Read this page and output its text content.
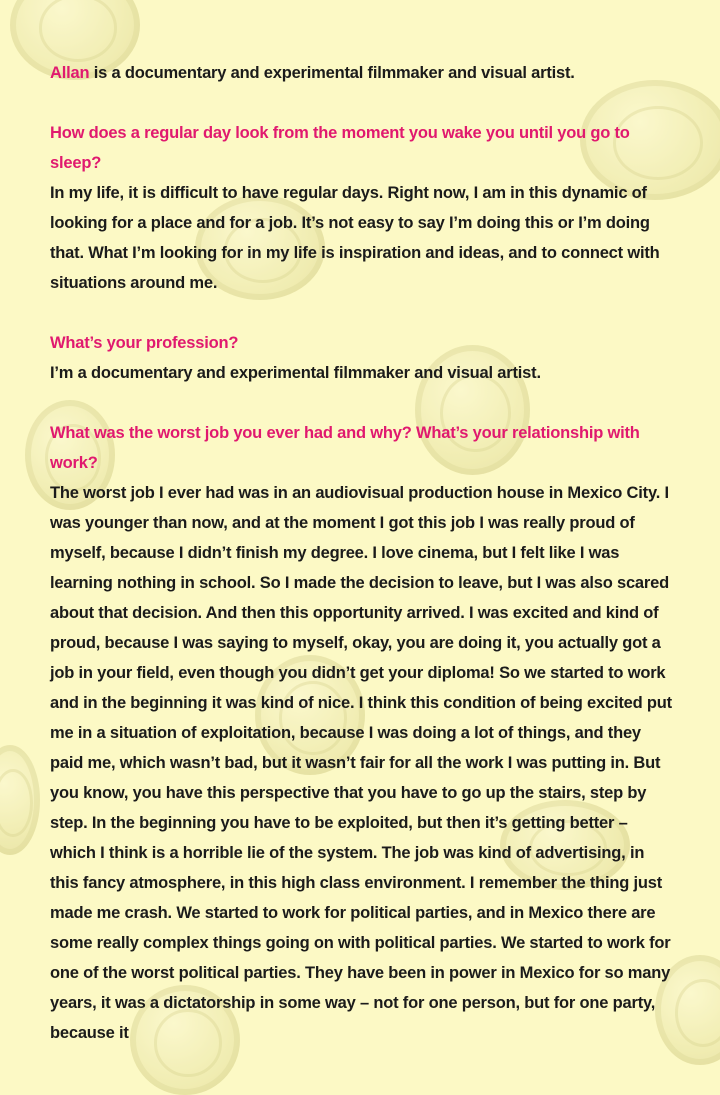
Allan is a documentary and experimental filmmaker and visual artist.

How does a regular day look from the moment you wake you until you go to sleep?

In my life, it is difficult to have regular days. Right now, I am in this dynamic of looking for a place and for a job. It’s not easy to say I’m doing this or I’m doing that. What I’m looking for in my life is inspiration and ideas, and to connect with situations around me.

What’s your profession?

I’m a documentary and experimental filmmaker and visual artist.

What was the worst job you ever had and why? What’s your relationship with work?

The worst job I ever had was in an audiovisual production house in Mexico City. I was younger than now, and at the moment I got this job I was really proud of myself, because I didn’t finish my degree. I love cinema, but I felt like I was learning nothing in school. So I made the decision to leave, but I was also scared about that decision. And then this opportunity arrived. I was excited and kind of proud, because I was saying to myself, okay, you are doing it, you actually got a job in your field, even though you didn’t get your diploma! So we started to work and in the beginning it was kind of nice. I think this condition of being excited put me in a situation of exploitation, because I was doing a lot of things, and they paid me, which wasn’t bad, but it wasn’t fair for all the work I was putting in. But you know, you have this perspective that you have to go up the stairs, step by step. In the beginning you have to be exploited, but then it’s getting better – which I think is a horrible lie of the system. The job was kind of advertising, in this fancy atmosphere, in this high class environment. I remember the thing just made me crash. We started to work for political parties, and in Mexico there are some really complex things going on with political parties. We started to work for one of the worst political parties. They have been in power in Mexico for so many years, it was a dictatorship in some way – not for one person, but for one party, because it
